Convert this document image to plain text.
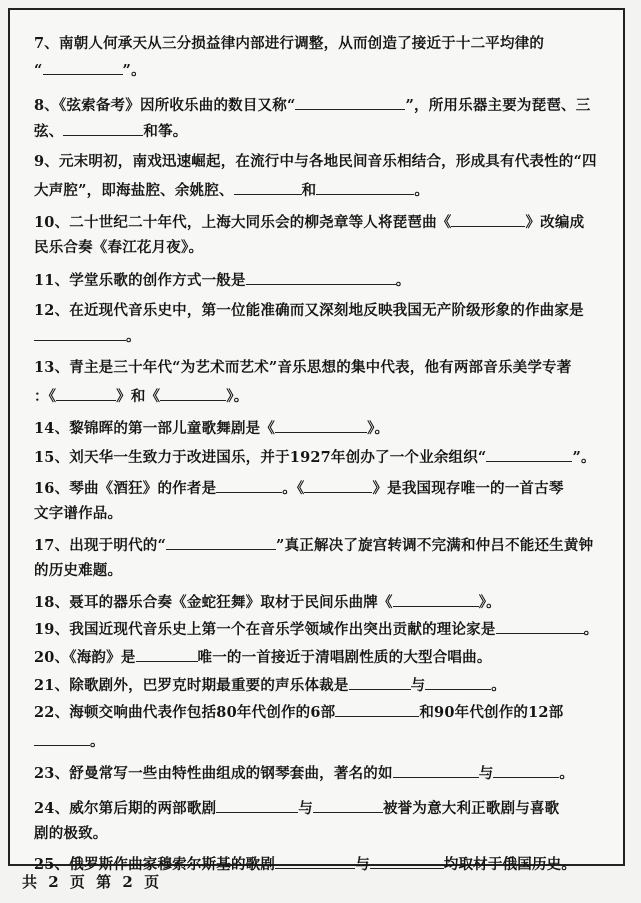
7、南朝人何承天从三分损益律内部进行调整，从而创造了接近于十二平均律的
“	”。
8、《弦索备考》因所收乐曲的数目又称“	”，所用乐器主要为琵琶、三
弦、	和筝。
9、元末明初，南戏迅速崛起，在流行中与各地民间音乐相结合，形成具有代表性的“四
大声腔”，即海盐腔、余姚腔、	和	。
10、二十世纪二十年代，上海大同乐会的柳尧章等人将琵琶曲《	》改编成
民乐合奏《春江花月夜》。
11、学堂乐歌的创作方式一般是	。
12、在近现代音乐史中，第一位能准确而又深刻地反映我国无产阶级形象的作曲家是
。
13、青主是三十年代“为艺术而艺术”音乐思想的集中代表，他有两部音乐美学专著
：《	》和《	》。
14、黎锦晖的第一部儿童歌舞剧是《	》。
15、刘天华一生致力于改进国乐，并于1927年创办了一个业余组织“	”。
16、琴曲《酒狂》的作者是	。《	》是我国现存唯一的一首古琴
文字谱作品。
17、出现于明代的“	”真正解决了旋宫转调不完满和仲吕不能还生黄钟
的历史难题。
18、聂耳的器乐合奏《金蛇狂舞》取材于民间乐曲牌《	》。
19、我国近现代音乐史上第一个在音乐学领域作出突出贡献的理论家是	。
20、《海韵》是	唯一的一首接近于清唱剧性质的大型合唱曲。
21、除歌剧外，巴罗克时期最重要的声乐体裁是	与	。
22、海顿交响曲代表作包括80年代创作的6部	和90年代创作的12部
。
23、舒曼常写一些由特性曲组成的钢琴套曲，著名的如	与	。
24、威尔第后期的两部歌剧	与	被誉为意大利正歌剧与喜歌
剧的极致。
25、俄罗斯作曲家穆索尔斯基的歌剧	与	均取材于俄国历史。
共 2 页 第 2 页
